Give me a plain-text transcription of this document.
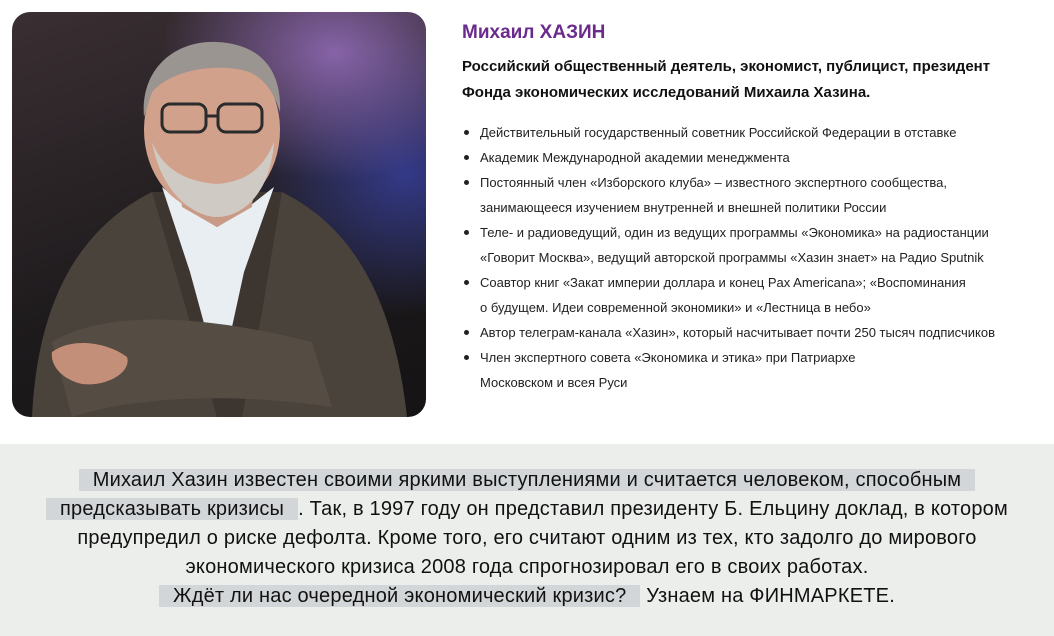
Михаил ХАЗИН
Российский общественный деятель, экономист, публицист, президент
Фонда экономических исследований Михаила Хазина.
Действительный государственный советник Российской Федерации в отставке
Академик Международной академии менеджмента
Постоянный член «Изборского клуба» – известного экспертного сообщества,
занимающееся изучением внутренней и внешней политики России
Теле- и радиоведущий, один из ведущих программы «Экономика» на радиостанции
«Говорит Москва», ведущий авторской программы «Хазин знает» на Радио Sputnik
Соавтор книг «Закат империи доллара и конец Pax Americana»; «Воспоминания
о будущем. Идеи современной экономики» и «Лестница в небо»
Автор телеграм-канала «Хазин», который насчитывает почти 250 тысяч подписчиков
Член экспертного совета «Экономика и этика» при Патриархе
Московском и всея Руси
Михаил Хазин известен своими яркими выступлениями и считается человеком, способным
предсказывать кризисы . Так, в 1997 году он представил президенту Б. Ельцину доклад, в котором
предупредил о риске дефолта. Кроме того, его считают одним из тех, кто задолго до мирового
экономического кризиса 2008 года спрогнозировал его в своих работах.
Ждёт ли нас очередной экономический кризис? Узнаем на ФИНМАРКЕТЕ.
